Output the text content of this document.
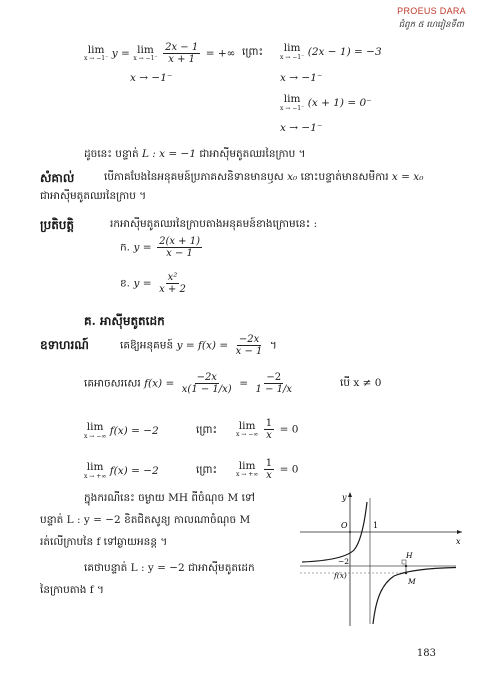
PROEUS DARA
ជំពូក ៥ ហេរៀនទីពា
lim
x → −1⁻ y = lim
x → −1⁻
$\frac{2x - 1}{x + 1}$ = +∞
x → −1⁻
ព្រោះ lim
x → −1⁻ (2x − 1) = −3
x → −1⁻
lim
x → −1⁻ (x + 1) = 0⁻
x → −1⁻
ដូចនេះ បន្ទាត់ L : x = −1 ជាអាស៊ីមតូតឈរនៃក្រាប ។
សំគាល់	បើភាគបែងនៃអនុគមន៍ប្រភាគសនិទានមានឫស x₀ នោះបន្ទាត់មានសមីការ x = x₀
ជាអាស៊ីមតូតឈរនៃក្រាប ។
ប្រតិបត្តិ	រកអាស៊ីមតូតឈរនៃក្រាបតាងអនុគមន៍ខាងក្រោមនេះ :
ក. $y = \frac{2(x + 1)}{x - 1}$
ខ. $y = \frac{\text{x²}}{x + 2}$
គ. អាស៊ីមតូតដេក
ឧទាហរណ៍	គេឱ្យអនុគមន៍ $y = f(x) = \frac{-2x}{x - 1}$ ។
គេអាចសរសេរ $f(x) = \frac{-2x}{x(1 - 1/x)} = \frac{-2}{1 - 1/x}$	បើ x ≠ 0
lim
x → −∞ f(x) = −2	ព្រោះ lim
x → −∞
$\frac{1}{x} = 0$
lim
x → +∞ f(x) = −2	ព្រោះ lim
x → +∞
$\frac{1}{x} = 0$
ក្នុងករណីនេះ ចម្ងាយ MH ពីចំណុច M ទៅ
បន្ទាត់ L : y = −2 ខិតជិតសូន្យ កាលណាចំណុច M
រត់លើក្រាបនៃ f ទៅឆ្ងាយអនន្ត ។
គេថាបន្ទាត់ L : y = −2 ជាអាស៊ីមតូតដេក
នៃក្រាបតាង f ។
y
x
O	1
−2
f(x)
H
M
183
